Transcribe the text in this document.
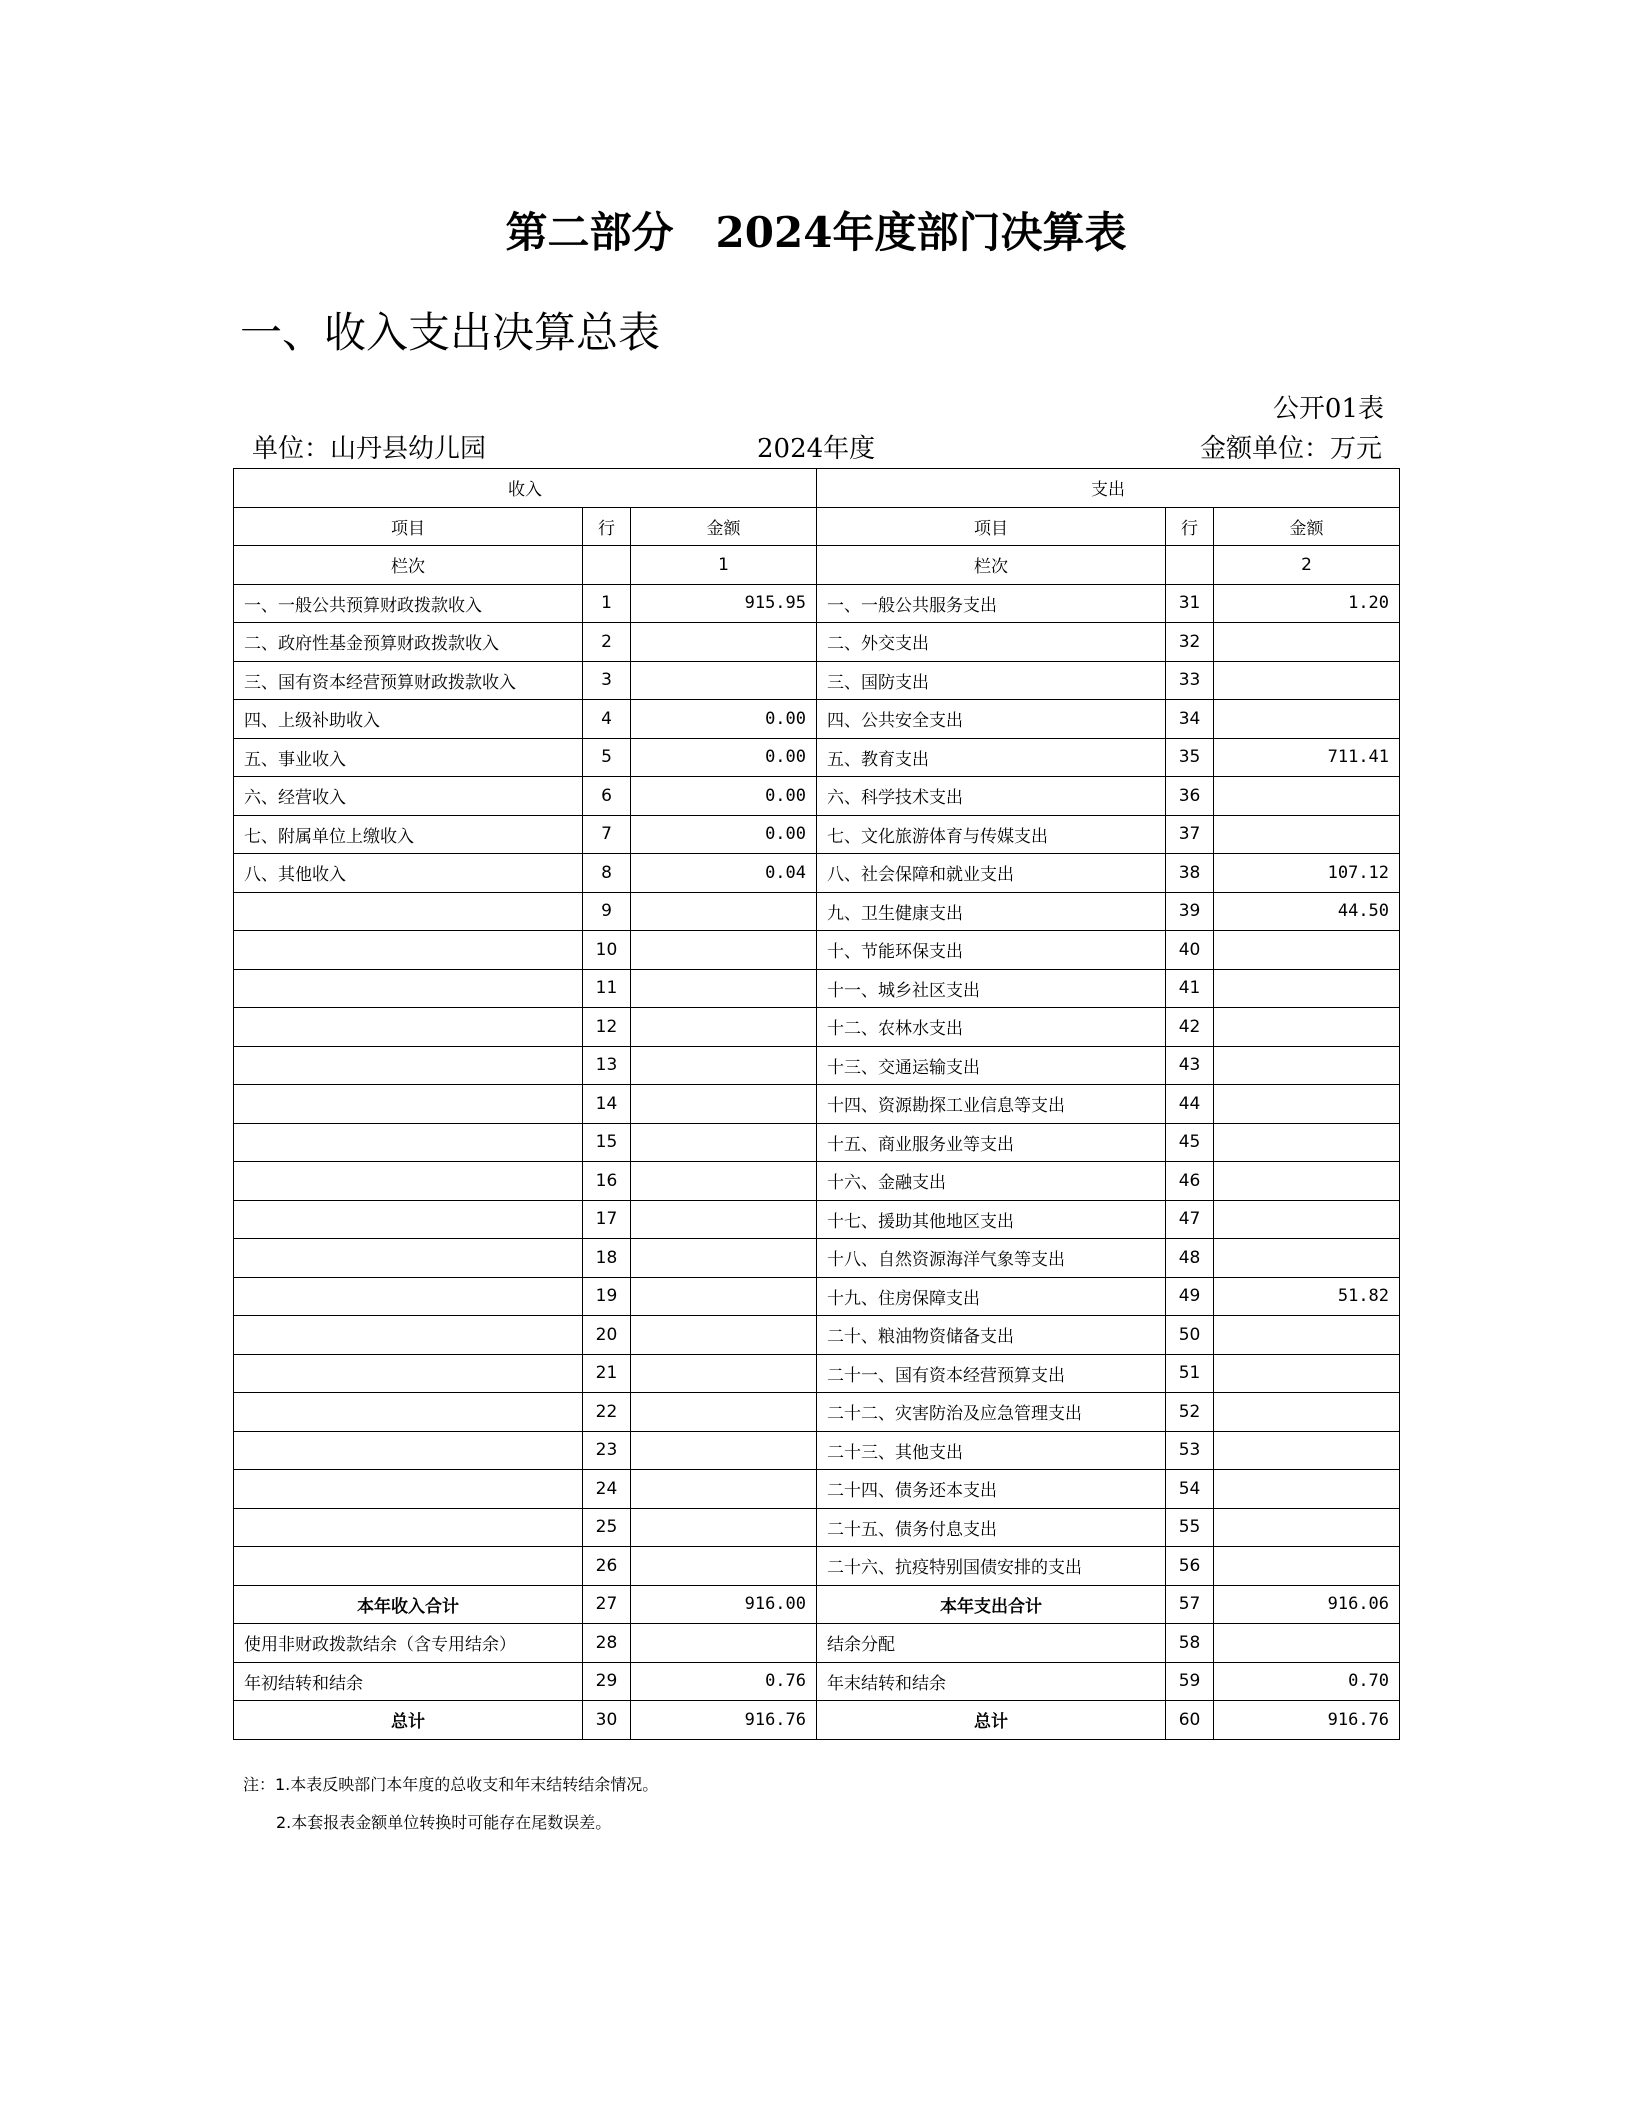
第二部分　2024年度部门决算表
一、收入支出决算总表
公开01表
单位：山丹县幼儿园	2024年度	金额单位：万元
收入			支出		
项目	行	金额	项目	行	金额
栏次		1	栏次		2
一、一般公共预算财政拨款收入	1	915.95	一、一般公共服务支出	31	1.20
二、政府性基金预算财政拨款收入	2		二、外交支出	32	
三、国有资本经营预算财政拨款收入	3		三、国防支出	33	
四、上级补助收入	4	0.00	四、公共安全支出	34	
五、事业收入	5	0.00	五、教育支出	35	711.41
六、经营收入	6	0.00	六、科学技术支出	36	
七、附属单位上缴收入	7	0.00	七、文化旅游体育与传媒支出	37	
八、其他收入	8	0.04	八、社会保障和就业支出	38	107.12
	9		九、卫生健康支出	39	44.50
	10		十、节能环保支出	40	
	11		十一、城乡社区支出	41	
	12		十二、农林水支出	42	
	13		十三、交通运输支出	43	
	14		十四、资源勘探工业信息等支出	44	
	15		十五、商业服务业等支出	45	
	16		十六、金融支出	46	
	17		十七、援助其他地区支出	47	
	18		十八、自然资源海洋气象等支出	48	
	19		十九、住房保障支出	49	51.82
	20		二十、粮油物资储备支出	50	
	21		二十一、国有资本经营预算支出	51	
	22		二十二、灾害防治及应急管理支出	52	
	23		二十三、其他支出	53	
	24		二十四、债务还本支出	54	
	25		二十五、债务付息支出	55	
	26		二十六、抗疫特别国债安排的支出	56	
本年收入合计	27	916.00	本年支出合计	57	916.06
使用非财政拨款结余（含专用结余）	28		结余分配	58	
年初结转和结余	29	0.76	年末结转和结余	59	0.70
总计	30	916.76	总计	60	916.76
注：1.本表反映部门本年度的总收支和年末结转结余情况。
2.本套报表金额单位转换时可能存在尾数误差。
